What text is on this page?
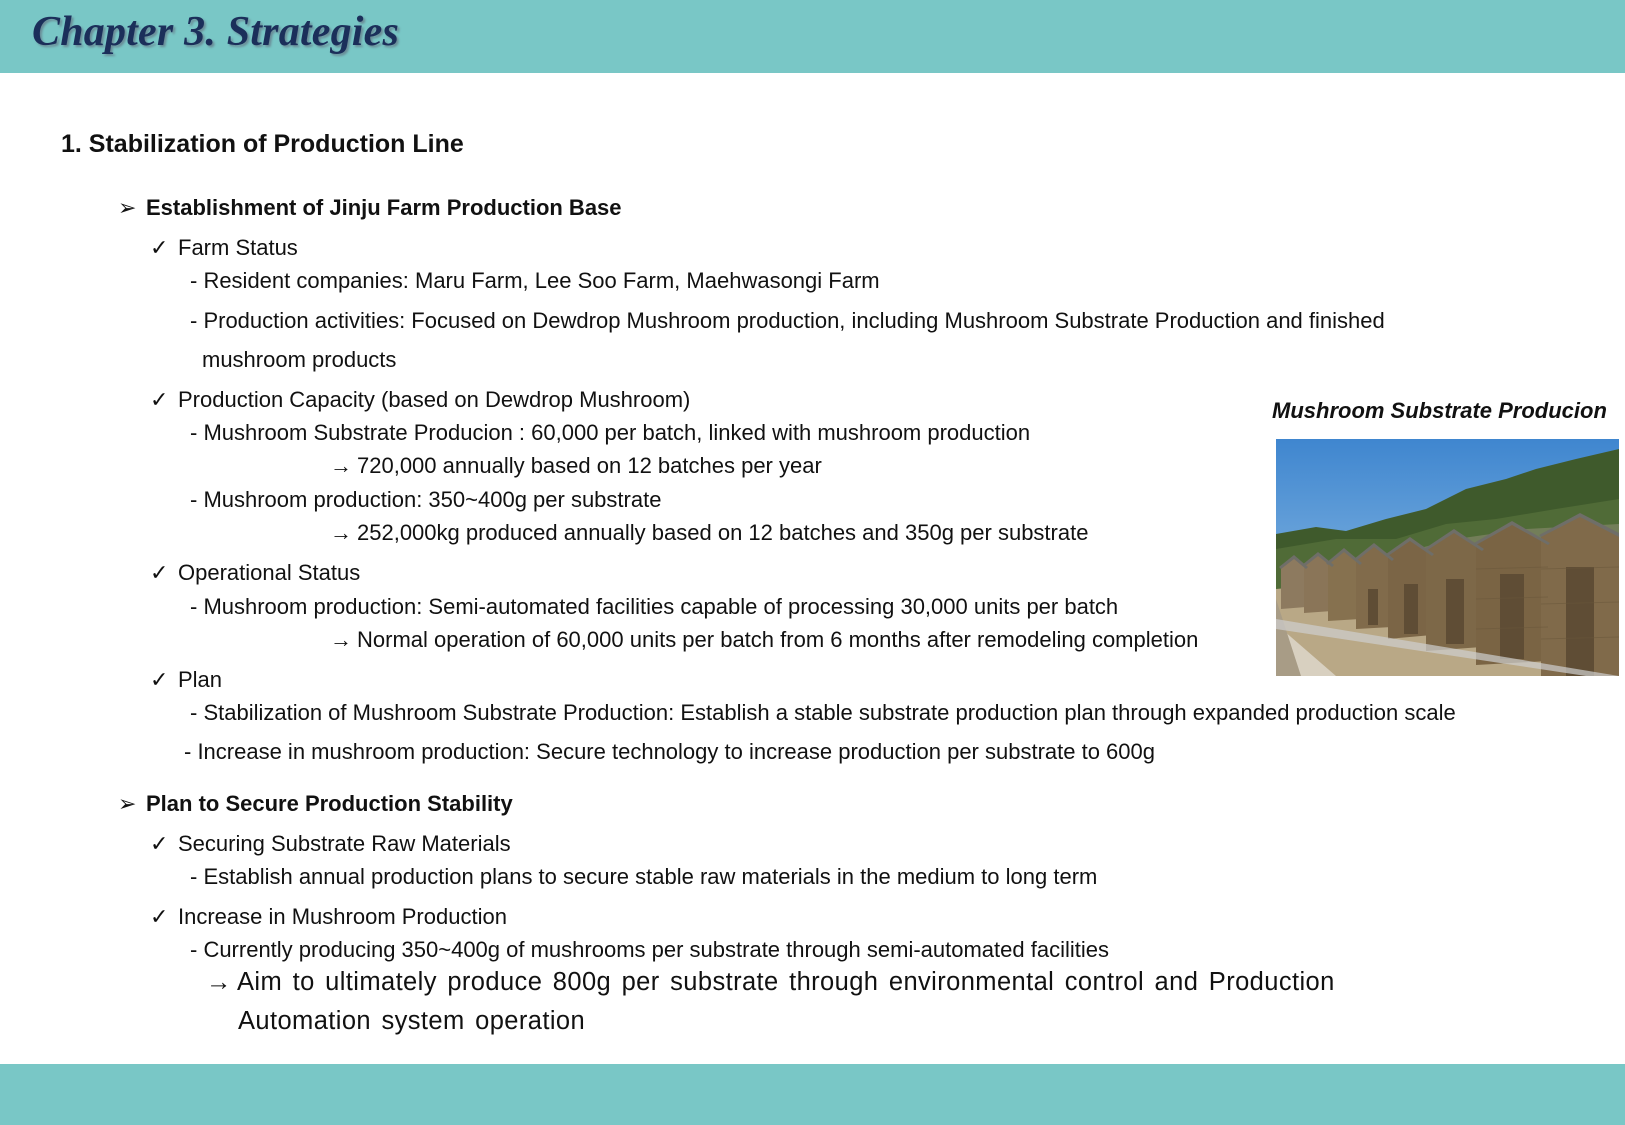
Chapter 3. Strategies
1. Stabilization of Production Line
➢ Establishment of Jinju Farm Production Base
✓ Farm Status
- Resident companies: Maru Farm, Lee Soo Farm, Maehwasongi Farm
- Production activities: Focused on Dewdrop Mushroom production, including Mushroom Substrate Production and finished
mushroom products
✓ Production Capacity (based on Dewdrop Mushroom)
- Mushroom Substrate Producion : 60,000 per batch, linked with mushroom production
→ 720,000 annually based on 12 batches per year
- Mushroom production: 350~400g per substrate
→ 252,000kg produced annually based on 12 batches and 350g per substrate
✓ Operational Status
- Mushroom production: Semi-automated facilities capable of processing 30,000 units per batch
→ Normal operation of 60,000 units per batch from 6 months after remodeling completion
✓ Plan
- Stabilization of Mushroom Substrate Production: Establish a stable substrate production plan through expanded production scale
- Increase in mushroom production: Secure technology to increase production per substrate to 600g
➢ Plan to Secure Production Stability
✓ Securing Substrate Raw Materials
- Establish annual production plans to secure stable raw materials in the medium to long term
✓ Increase in Mushroom Production
- Currently producing 350~400g of mushrooms per substrate through semi-automated facilities
→ Aim to ultimately produce 800g per substrate through environmental control and Production
Automation system operation
Mushroom Substrate Producion
